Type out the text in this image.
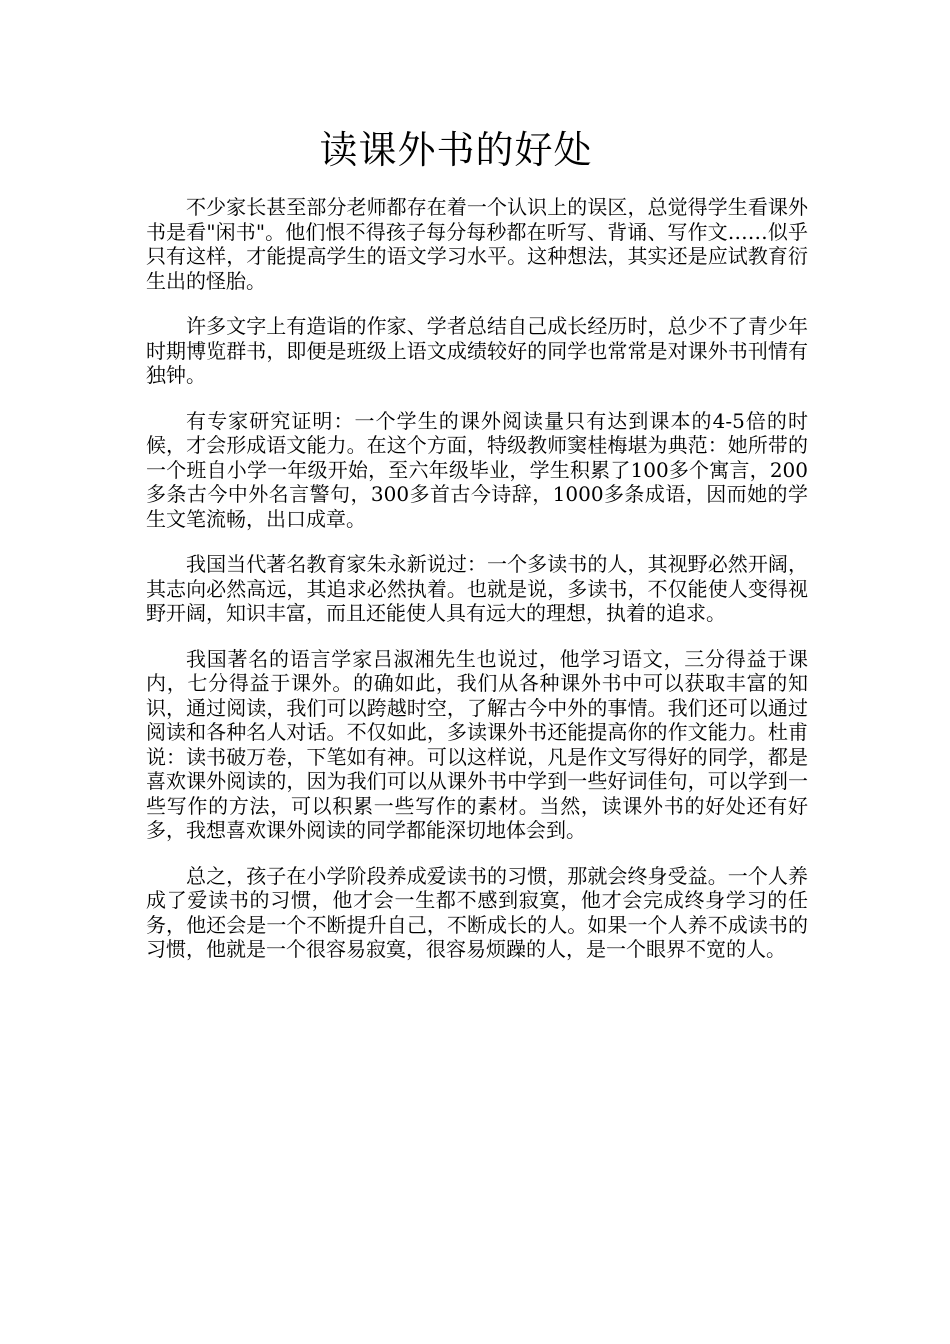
读课外书的好处

不少家长甚至部分老师都存在着一个认识上的误区，总觉得学生看课外书是看"闲书"。他们恨不得孩子每分每秒都在听写、背诵、写作文……似乎只有这样，才能提高学生的语文学习水平。这种想法，其实还是应试教育衍生出的怪胎。

许多文字上有造诣的作家、学者总结自己成长经历时，总少不了青少年时期博览群书，即便是班级上语文成绩较好的同学也常常是对课外书刊情有独钟。

有专家研究证明：一个学生的课外阅读量只有达到课本的4-5倍的时候，才会形成语文能力。在这个方面，特级教师窦桂梅堪为典范：她所带的一个班自小学一年级开始，至六年级毕业，学生积累了100多个寓言，200多条古今中外名言警句，300多首古今诗辞，1000多条成语，因而她的学生文笔流畅，出口成章。

我国当代著名教育家朱永新说过：一个多读书的人，其视野必然开阔，其志向必然高远，其追求必然执着。也就是说，多读书，不仅能使人变得视野开阔，知识丰富，而且还能使人具有远大的理想，执着的追求。

我国著名的语言学家吕淑湘先生也说过，他学习语文，三分得益于课内，七分得益于课外。的确如此，我们从各种课外书中可以获取丰富的知识，通过阅读，我们可以跨越时空，了解古今中外的事情。我们还可以通过阅读和各种名人对话。不仅如此，多读课外书还能提高你的作文能力。杜甫说：读书破万卷，下笔如有神。可以这样说，凡是作文写得好的同学，都是喜欢课外阅读的，因为我们可以从课外书中学到一些好词佳句，可以学到一些写作的方法，可以积累一些写作的素材。当然，读课外书的好处还有好多，我想喜欢课外阅读的同学都能深切地体会到。

总之，孩子在小学阶段养成爱读书的习惯，那就会终身受益。一个人养成了爱读书的习惯，他才会一生都不感到寂寞，他才会完成终身学习的任务，他还会是一个不断提升自己，不断成长的人。如果一个人养不成读书的习惯，他就是一个很容易寂寞，很容易烦躁的人，是一个眼界不宽的人。
